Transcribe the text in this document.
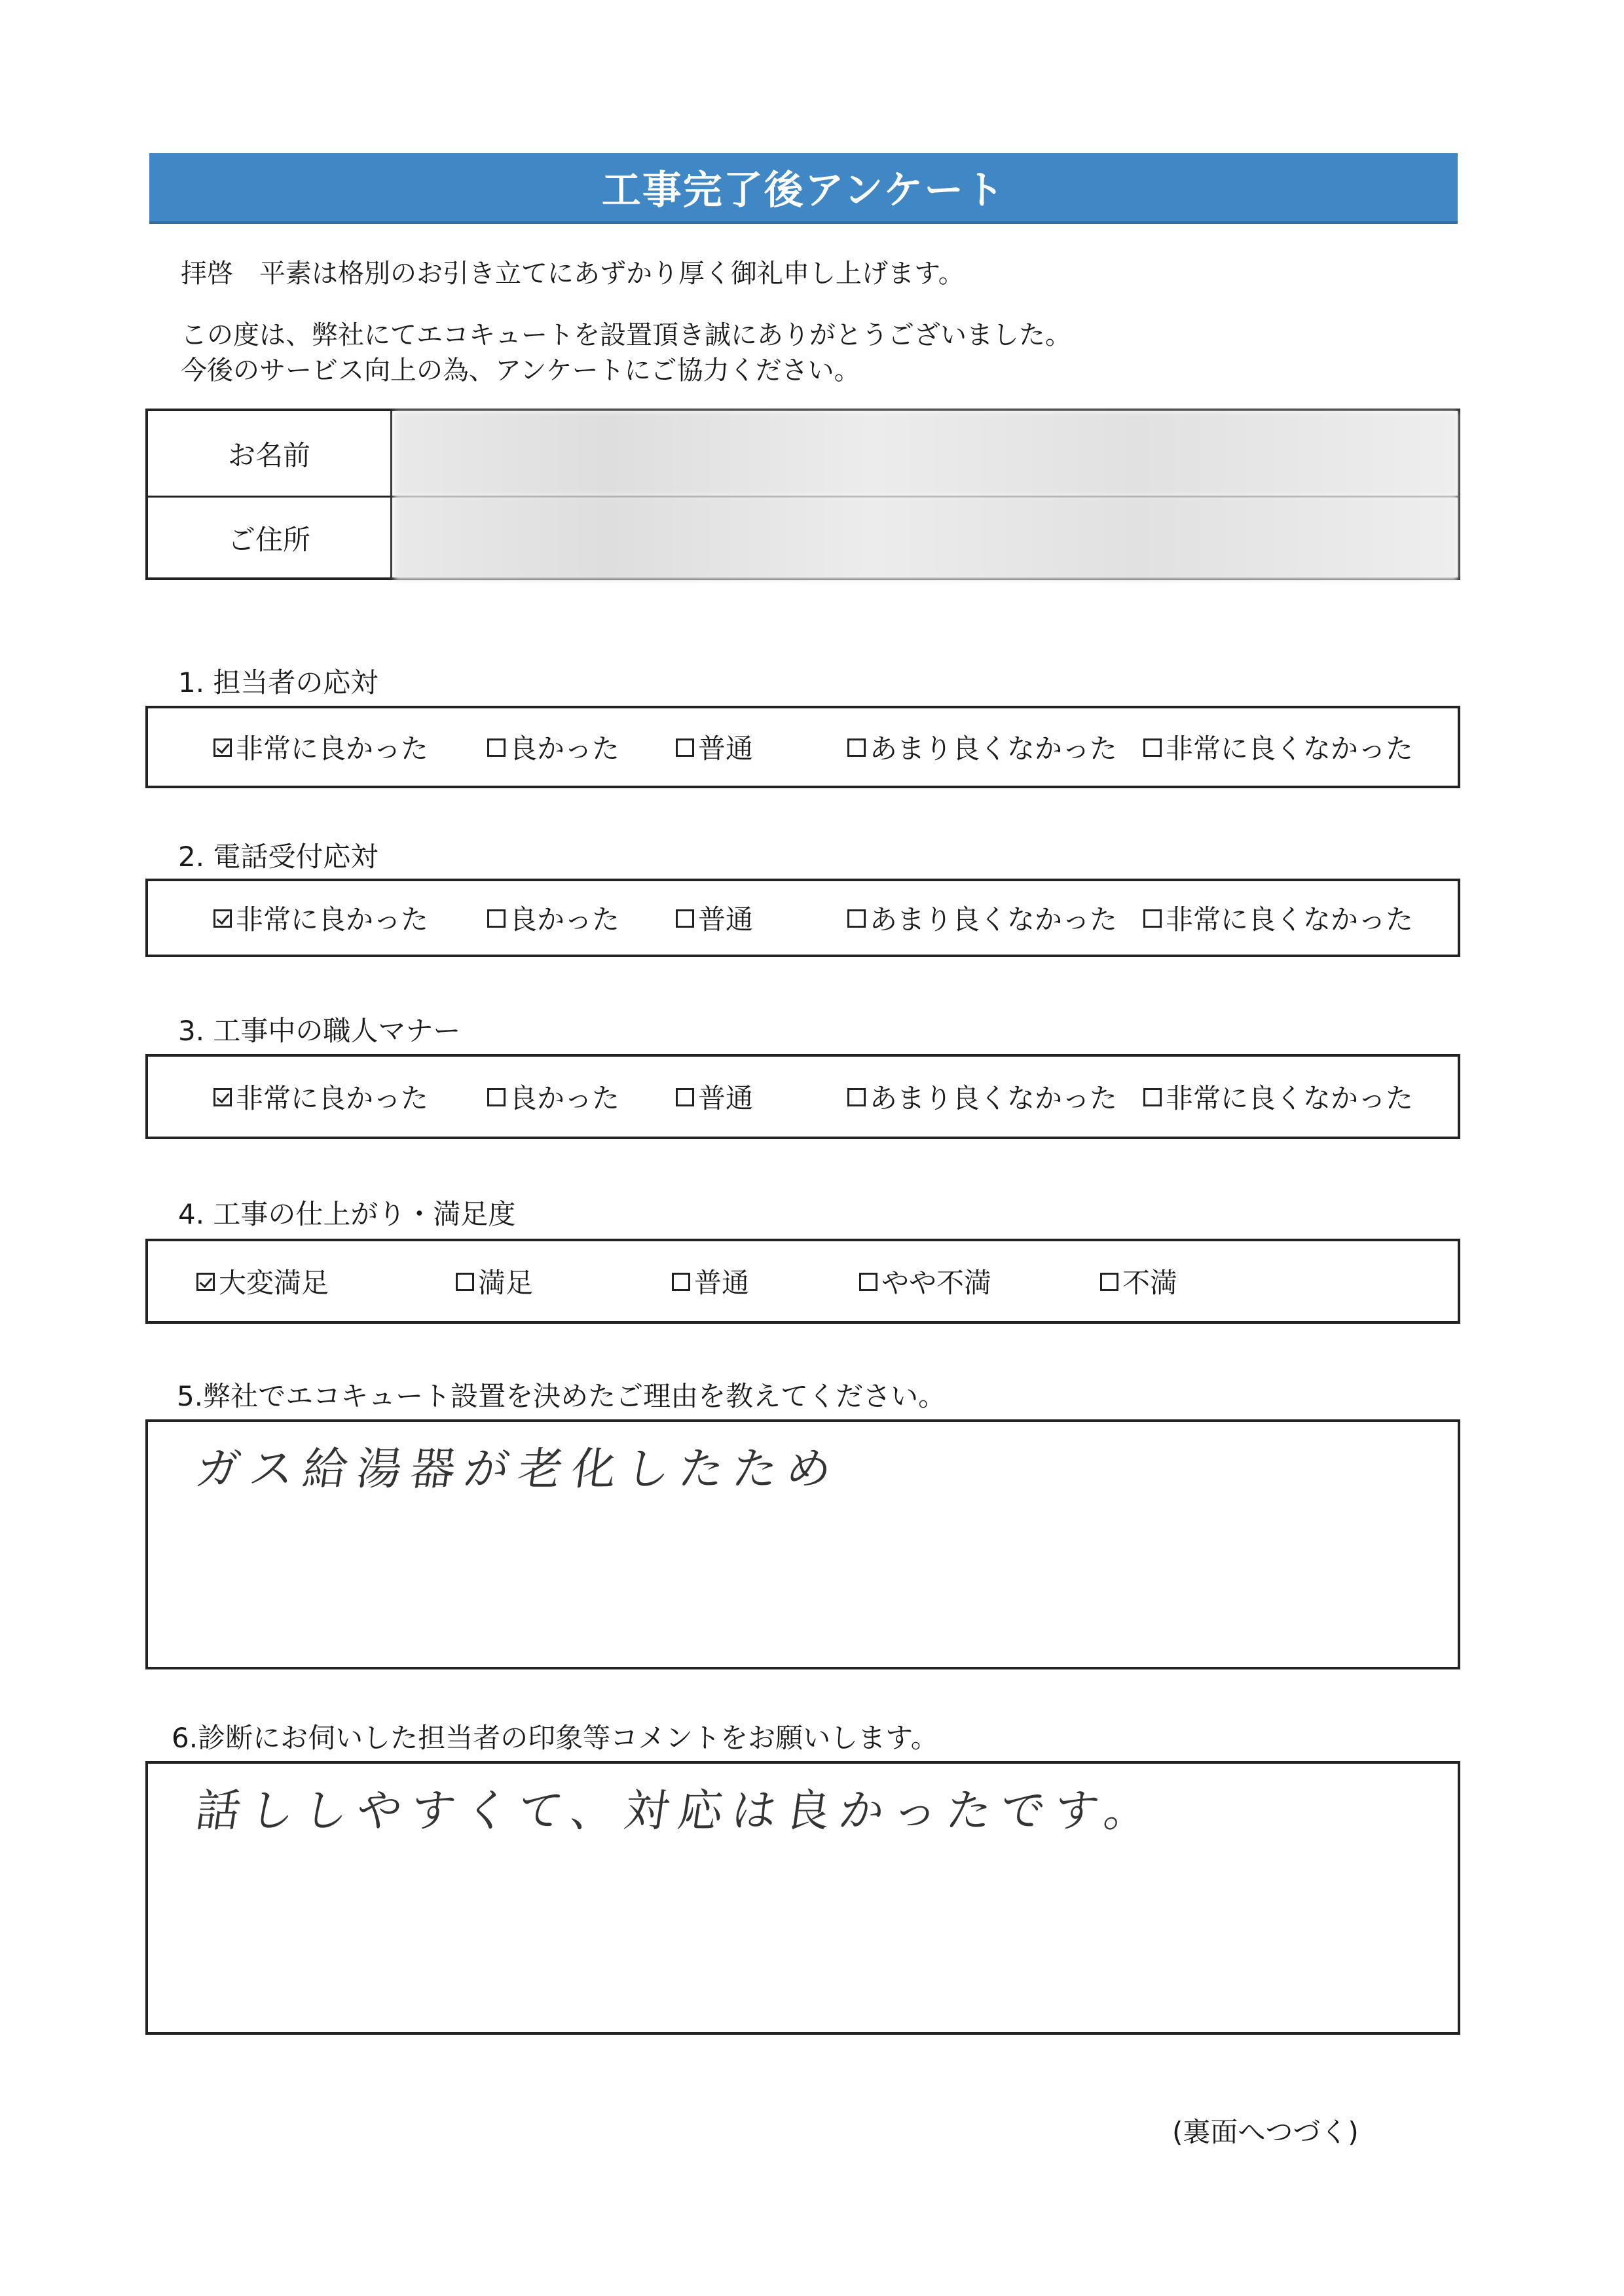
工事完了後アンケート
拝啓　平素は格別のお引き立てにあずかり厚く御礼申し上げます。
この度は、弊社にてエコキュートを設置頂き誠にありがとうございました。
今後のサービス向上の為、アンケートにご協力ください。
お名前
ご住所
1. 担当者の応対
非常に良かった	良かった	普通	あまり良くなかった 非常に良くなかった
2. 電話受付応対
非常に良かった	良かった	普通	あまり良くなかった 非常に良くなかった
3. 工事中の職人マナー
非常に良かった	良かった	普通	あまり良くなかった 非常に良くなかった
4. 工事の仕上がり・満足度
大変満足	満足	普通	やや不満	不満
5.弊社でエコキュート設置を決めたご理由を教えてください。
ガス給湯器が老化したため
6.診断にお伺いした担当者の印象等コメントをお願いします。
話ししやすくて、対応は良かったです。
(裏面へつづく)
